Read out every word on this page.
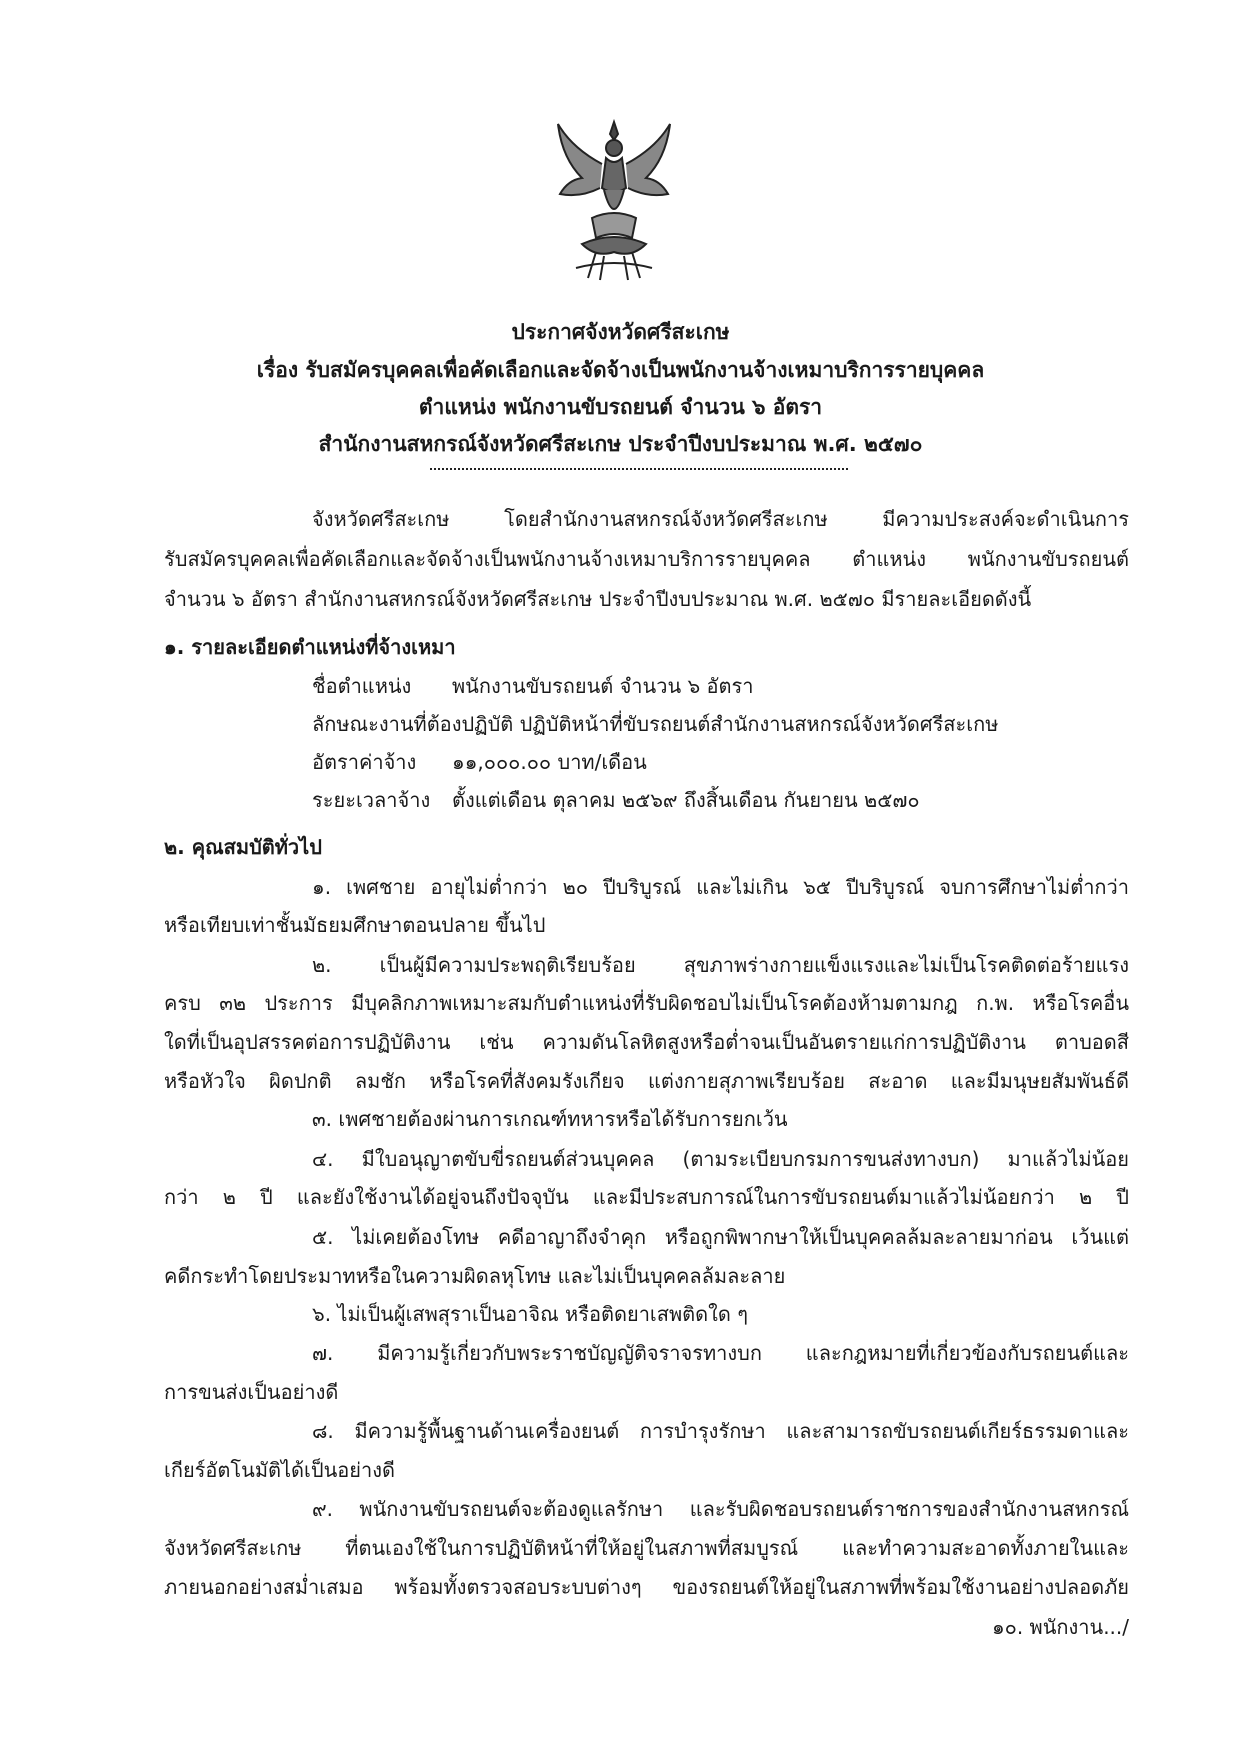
ประกาศจังหวัดศรีสะเกษ
เรื่อง รับสมัครบุคคลเพื่อคัดเลือกและจัดจ้างเป็นพนักงานจ้างเหมาบริการรายบุคคล
ตำแหน่ง พนักงานขับรถยนต์ จำนวน ๖ อัตรา
สำนักงานสหกรณ์จังหวัดศรีสะเกษ ประจำปีงบประมาณ พ.ศ. ๒๕๗๐
จังหวัดศรีสะเกษ โดยสำนักงานสหกรณ์จังหวัดศรีสะเกษ มีความประสงค์จะดำเนินการ
รับสมัครบุคคลเพื่อคัดเลือกและจัดจ้างเป็นพนักงานจ้างเหมาบริการรายบุคคล ตำแหน่ง พนักงานขับรถยนต์
จำนวน ๖ อัตรา สำนักงานสหกรณ์จังหวัดศรีสะเกษ ประจำปีงบประมาณ พ.ศ. ๒๕๗๐ มีรายละเอียดดังนี้
๑. รายละเอียดตำแหน่งที่จ้างเหมา
ชื่อตำแหน่ง พนักงานขับรถยนต์ จำนวน ๖ อัตรา
ลักษณะงานที่ต้องปฏิบัติ ปฏิบัติหน้าที่ขับรถยนต์สำนักงานสหกรณ์จังหวัดศรีสะเกษ
อัตราค่าจ้าง ๑๑,๐๐๐.๐๐ บาท/เดือน
ระยะเวลาจ้าง ตั้งแต่เดือน ตุลาคม ๒๕๖๙ ถึงสิ้นเดือน กันยายน ๒๕๗๐
๒. คุณสมบัติทั่วไป
๑. เพศชาย อายุไม่ต่ำกว่า ๒๐ ปีบริบูรณ์ และไม่เกิน ๖๕ ปีบริบูรณ์ จบการศึกษาไม่ต่ำกว่า
หรือเทียบเท่าชั้นมัธยมศึกษาตอนปลาย ขึ้นไป
๒. เป็นผู้มีความประพฤติเรียบร้อย สุขภาพร่างกายแข็งแรงและไม่เป็นโรคติดต่อร้ายแรง
ครบ ๓๒ ประการ มีบุคลิกภาพเหมาะสมกับตำแหน่งที่รับผิดชอบไม่เป็นโรคต้องห้ามตามกฎ ก.พ. หรือโรคอื่น
ใดที่เป็นอุปสรรคต่อการปฏิบัติงาน เช่น ความดันโลหิตสูงหรือต่ำจนเป็นอันตรายแก่การปฏิบัติงาน ตาบอดสี
หรือหัวใจ ผิดปกติ ลมชัก หรือโรคที่สังคมรังเกียจ แต่งกายสุภาพเรียบร้อย สะอาด และมีมนุษยสัมพันธ์ดี
๓. เพศชายต้องผ่านการเกณฑ์ทหารหรือได้รับการยกเว้น
๔. มีใบอนุญาตขับขี่รถยนต์ส่วนบุคคล (ตามระเบียบกรมการขนส่งทางบก) มาแล้วไม่น้อย
กว่า ๒ ปี และยังใช้งานได้อยู่จนถึงปัจจุบัน และมีประสบการณ์ในการขับรถยนต์มาแล้วไม่น้อยกว่า ๒ ปี
๕. ไม่เคยต้องโทษ คดีอาญาถึงจำคุก หรือถูกพิพากษาให้เป็นบุคคลล้มละลายมาก่อน เว้นแต่
คดีกระทำโดยประมาทหรือในความผิดลหุโทษ และไม่เป็นบุคคลล้มละลาย
๖. ไม่เป็นผู้เสพสุราเป็นอาจิณ หรือติดยาเสพติดใด ๆ
๗. มีความรู้เกี่ยวกับพระราชบัญญัติจราจรทางบก และกฎหมายที่เกี่ยวข้องกับรถยนต์และ
การขนส่งเป็นอย่างดี
๘. มีความรู้พื้นฐานด้านเครื่องยนต์ การบำรุงรักษา และสามารถขับรถยนต์เกียร์ธรรมดาและ
เกียร์อัตโนมัติได้เป็นอย่างดี
๙. พนักงานขับรถยนต์จะต้องดูแลรักษา และรับผิดชอบรถยนต์ราชการของสำนักงานสหกรณ์
จังหวัดศรีสะเกษ ที่ตนเองใช้ในการปฏิบัติหน้าที่ให้อยู่ในสภาพที่สมบูรณ์ และทำความสะอาดทั้งภายในและ
ภายนอกอย่างสม่ำเสมอ พร้อมทั้งตรวจสอบระบบต่างๆ ของรถยนต์ให้อยู่ในสภาพที่พร้อมใช้งานอย่างปลอดภัย
๑๐. พนักงาน.../
